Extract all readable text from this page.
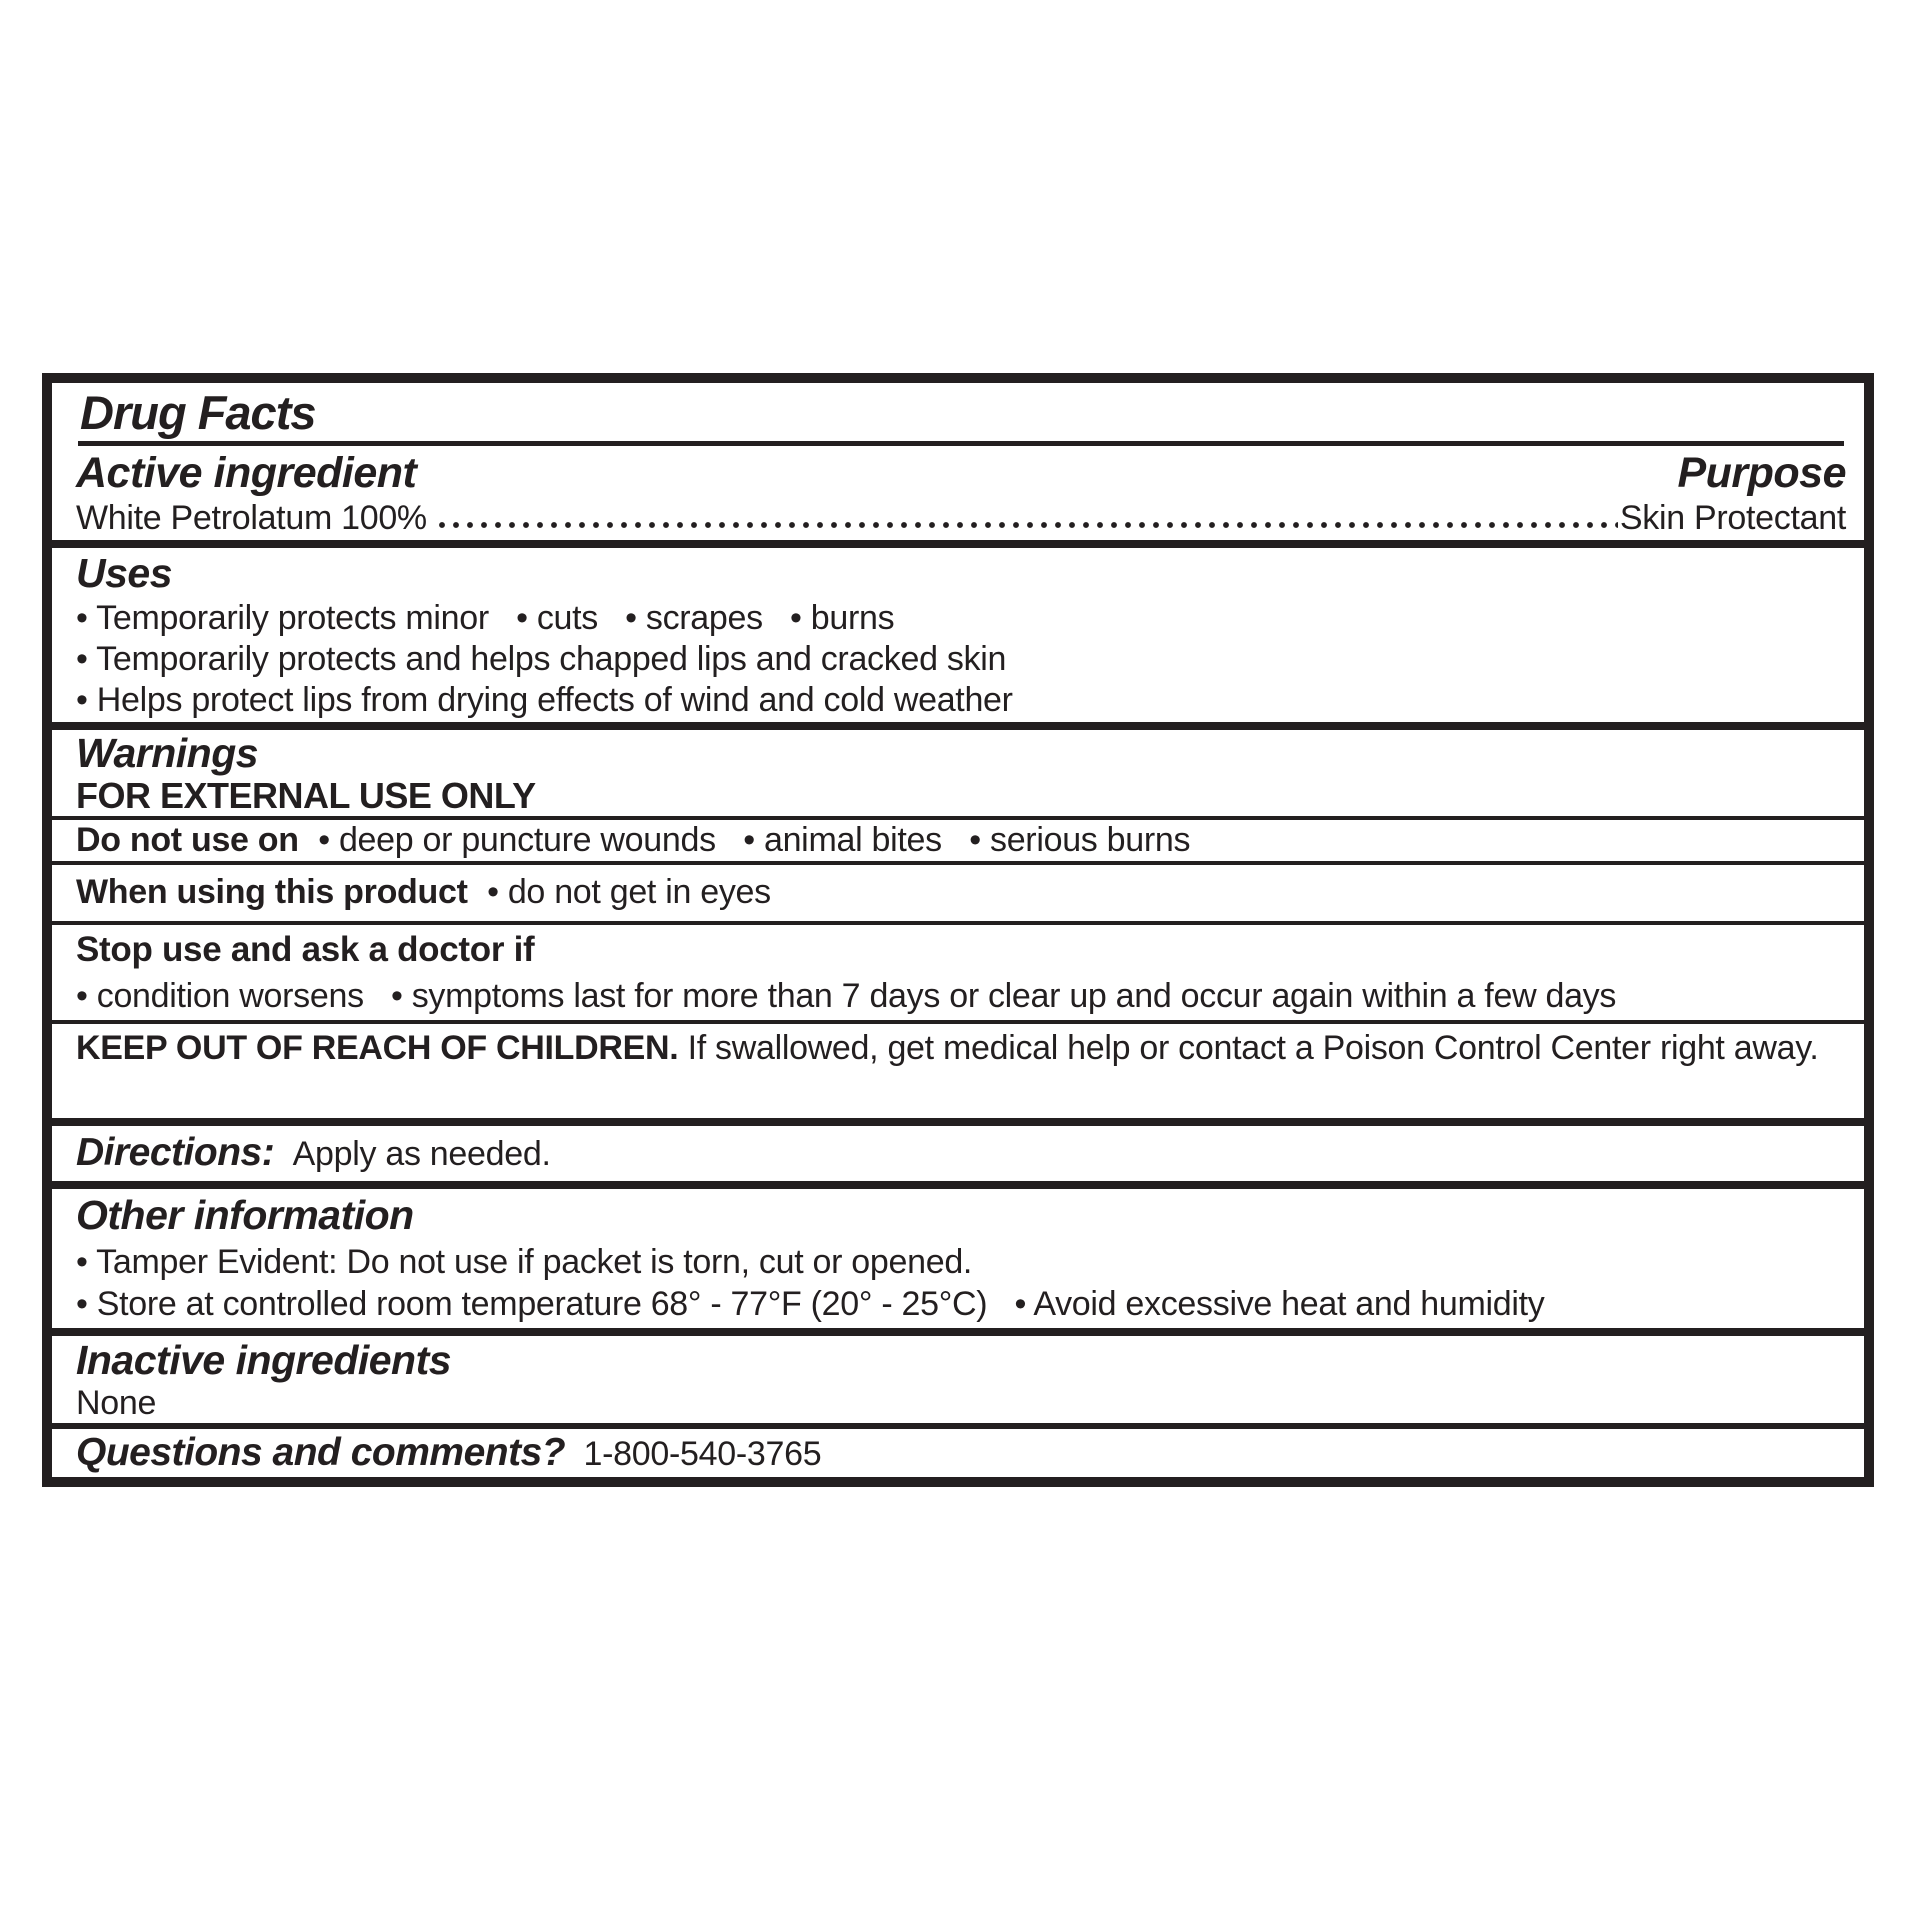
Drug Facts
Active ingredient	Purpose
White Petrolatum 100%	Skin Protectant
Uses
• Temporarily protects minor • cuts • scrapes • burns
• Temporarily protects and helps chapped lips and cracked skin
• Helps protect lips from drying effects of wind and cold weather
Warnings
FOR EXTERNAL USE ONLY
Do not use on • deep or puncture wounds • animal bites • serious burns
When using this product • do not get in eyes
Stop use and ask a doctor if
• condition worsens • symptoms last for more than 7 days or clear up and occur again within a few days
KEEP OUT OF REACH OF CHILDREN. If swallowed, get medical help or contact a Poison Control Center right away.
Directions: Apply as needed.
Other information
• Tamper Evident: Do not use if packet is torn, cut or opened.
• Store at controlled room temperature 68° - 77°F (20° - 25°C) • Avoid excessive heat and humidity
Inactive ingredients
None
Questions and comments? 1-800-540-3765
